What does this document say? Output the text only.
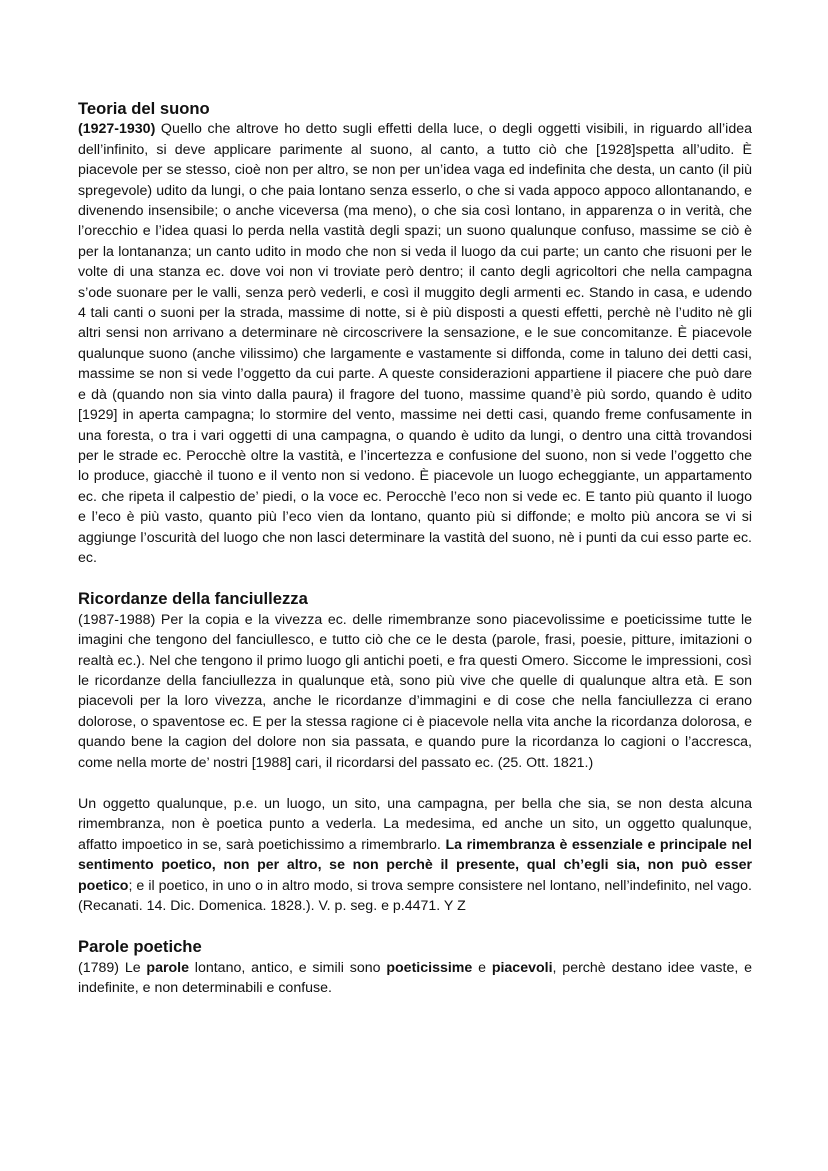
Teoria del suono

(1927-1930) Quello che altrove ho detto sugli effetti della luce, o degli oggetti visibili, in riguardo all’idea dell’infinito, si deve applicare parimente al suono, al canto, a tutto ciò che [1928]spetta all’udito. È piacevole per se stesso, cioè non per altro, se non per un’idea vaga ed indefinita che desta, un canto (il più spregevole) udito da lungi, o che paia lontano senza esserlo, o che si vada appoco appoco allontanando, e divenendo insensibile; o anche viceversa (ma meno), o che sia così lontano, in apparenza o in verità, che l’orecchio e l’idea quasi lo perda nella vastità degli spazi; un suono qualunque confuso, massime se ciò è per la lontananza; un canto udito in modo che non si veda il luogo da cui parte; un canto che risuoni per le volte di una stanza ec. dove voi non vi troviate però dentro; il canto degli agricoltori che nella campagna s’ode suonare per le valli, senza però vederli, e così il muggito degli armenti ec. Stando in casa, e udendo 4 tali canti o suoni per la strada, massime di notte, si è più disposti a questi effetti, perchè nè l’udito nè gli altri sensi non arrivano a determinare nè circoscrivere la sensazione, e le sue concomitanze. È piacevole qualunque suono (anche vilissimo) che largamente e vastamente si diffonda, come in taluno dei detti casi, massime se non si vede l’oggetto da cui parte. A queste considerazioni appartiene il piacere che può dare e dà (quando non sia vinto dalla paura) il fragore del tuono, massime quand’è più sordo, quando è udito [1929] in aperta campagna; lo stormire del vento, massime nei detti casi, quando freme confusamente in una foresta, o tra i vari oggetti di una campagna, o quando è udito da lungi, o dentro una città trovandosi per le strade ec. Perocchè oltre la vastità, e l’incertezza e confusione del suono, non si vede l’oggetto che lo produce, giacchè il tuono e il vento non si vedono. È piacevole un luogo echeggiante, un appartamento ec. che ripeta il calpestio de’ piedi, o la voce ec. Perocchè l’eco non si vede ec. E tanto più quanto il luogo e l’eco è più vasto, quanto più l’eco vien da lontano, quanto più si diffonde; e molto più ancora se vi si aggiunge l’oscurità del luogo che non lasci determinare la vastità del suono, nè i punti da cui esso parte ec. ec.

Ricordanze della fanciullezza

(1987-1988) Per la copia e la vivezza ec. delle rimembranze sono piacevolissime e poeticissime tutte le imagini che tengono del fanciullesco, e tutto ciò che ce le desta (parole, frasi, poesie, pitture, imitazioni o realtà ec.). Nel che tengono il primo luogo gli antichi poeti, e fra questi Omero. Siccome le impressioni, così le ricordanze della fanciullezza in qualunque età, sono più vive che quelle di qualunque altra età. E son piacevoli per la loro vivezza, anche le ricordanze d’immagini e di cose che nella fanciullezza ci erano dolorose, o spaventose ec. E per la stessa ragione ci è piacevole nella vita anche la ricordanza dolorosa, e quando bene la cagion del dolore non sia passata, e quando pure la ricordanza lo cagioni o l’accresca, come nella morte de’ nostri [1988] cari, il ricordarsi del passato ec. (25. Ott. 1821.)

Un oggetto qualunque, p.e. un luogo, un sito, una campagna, per bella che sia, se non desta alcuna rimembranza, non è poetica punto a vederla. La medesima, ed anche un sito, un oggetto qualunque, affatto impoetico in se, sarà poetichissimo a rimembrarlo. La rimembranza è essenziale e principale nel sentimento poetico, non per altro, se non perchè il presente, qual ch’egli sia, non può esser poetico; e il poetico, in uno o in altro modo, si trova sempre consistere nel lontano, nell’indefinito, nel vago. (Recanati. 14. Dic. Domenica. 1828.). V. p. seg. e p.4471. Y Z

Parole poetiche

(1789) Le parole lontano, antico, e simili sono poeticissime e piacevoli, perchè destano idee vaste, e indefinite, e non determinabili e confuse.
